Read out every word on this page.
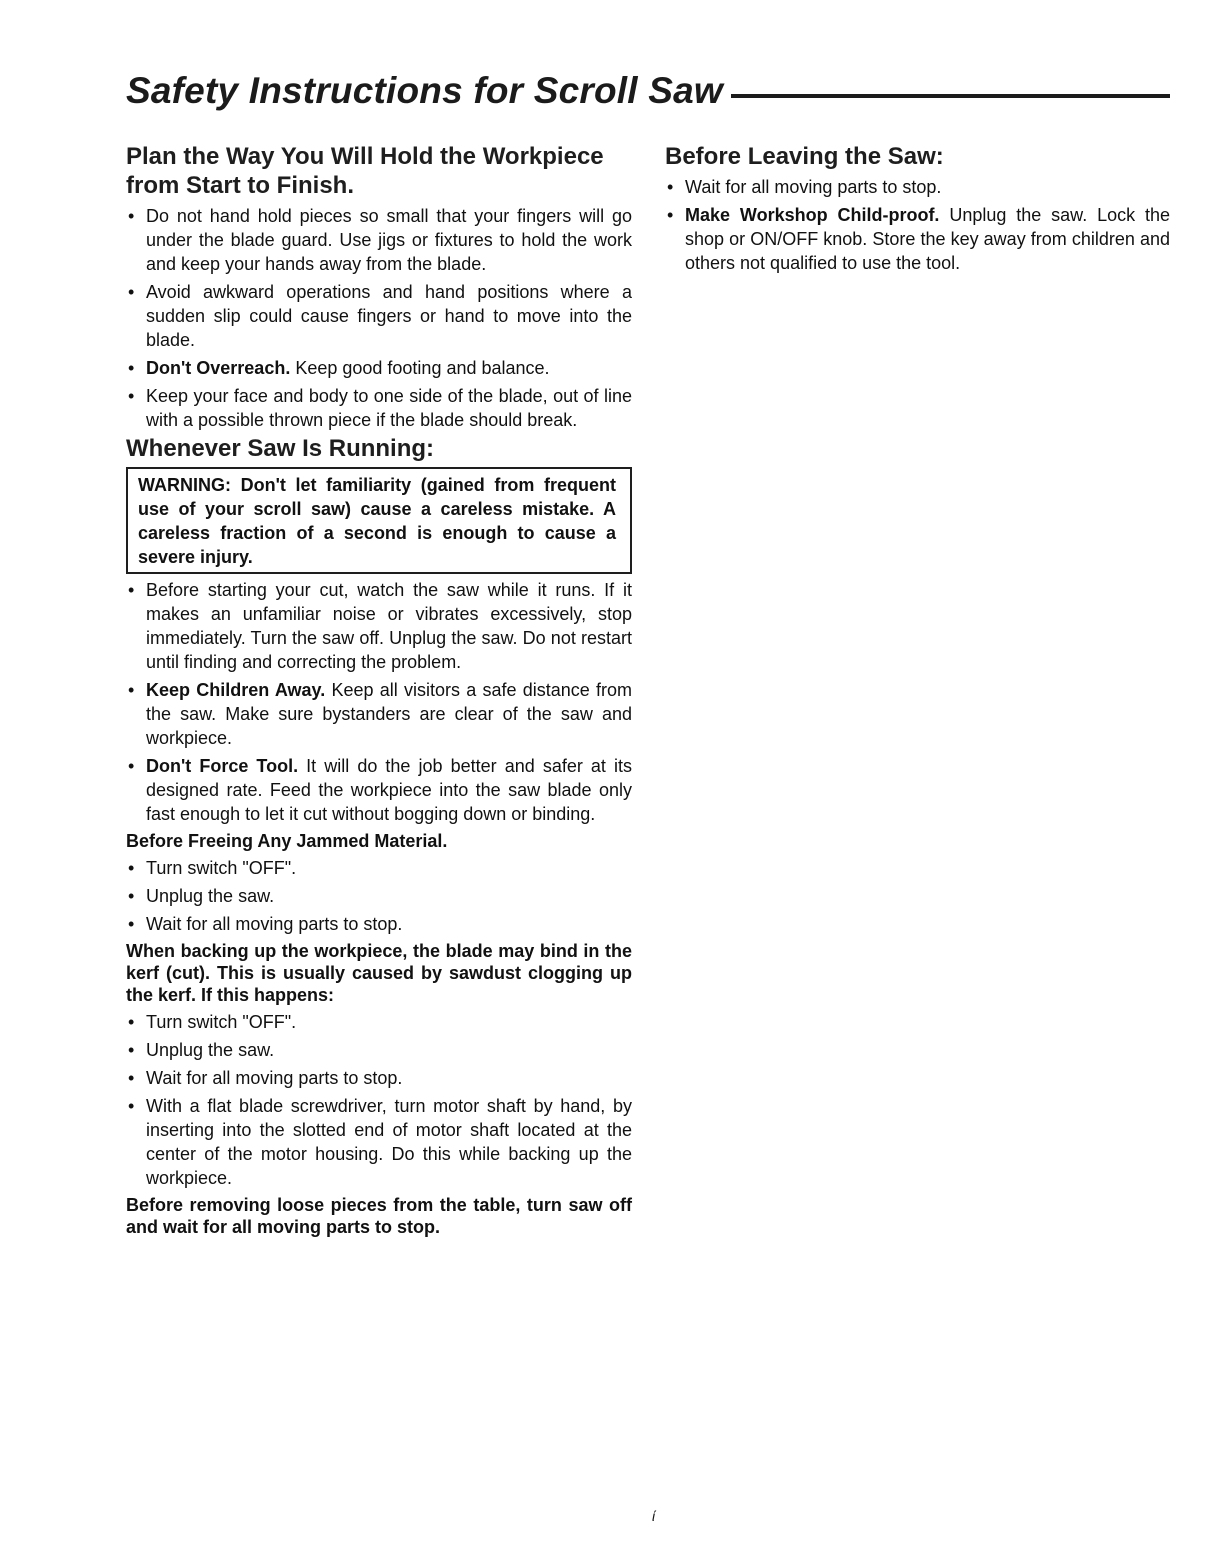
Safety Instructions for Scroll Saw
Plan the Way You Will Hold the Workpiece from Start to Finish.
• Do not hand hold pieces so small that your fingers will go under the blade guard. Use jigs or fixtures to hold the work and keep your hands away from the blade.
• Avoid awkward operations and hand positions where a sudden slip could cause fingers or hand to move into the blade.
• Don't Overreach. Keep good footing and balance.
• Keep your face and body to one side of the blade, out of line with a possible thrown piece if the blade should break.
Whenever Saw Is Running:
WARNING: Don't let familiarity (gained from frequent use of your scroll saw) cause a careless mistake. A careless fraction of a second is enough to cause a severe injury.
• Before starting your cut, watch the saw while it runs. If it makes an unfamiliar noise or vibrates excessively, stop immediately. Turn the saw off. Unplug the saw. Do not restart until finding and correcting the problem.
• Keep Children Away. Keep all visitors a safe distance from the saw. Make sure bystanders are clear of the saw and workpiece.
• Don't Force Tool. It will do the job better and safer at its designed rate. Feed the workpiece into the saw blade only fast enough to let it cut without bogging down or binding.

Before Freeing Any Jammed Material.

• Turn switch "OFF".
• Unplug the saw.
• Wait for all moving parts to stop.

When backing up the workpiece, the blade may bind in the kerf (cut). This is usually caused by sawdust clogging up the kerf. If this happens:

• Turn switch "OFF".
• Unplug the saw.
• Wait for all moving parts to stop.
• With a flat blade screwdriver, turn motor shaft by hand, by inserting into the slotted end of motor shaft located at the center of the motor housing. Do this while backing up the workpiece.

Before removing loose pieces from the table, turn saw off and wait for all moving parts to stop.

Before Leaving the Saw:
• Wait for all moving parts to stop.
• Make Workshop Child-proof. Unplug the saw. Lock the shop or ON/OFF knob. Store the key away from children and others not qualified to use the tool.
ί
